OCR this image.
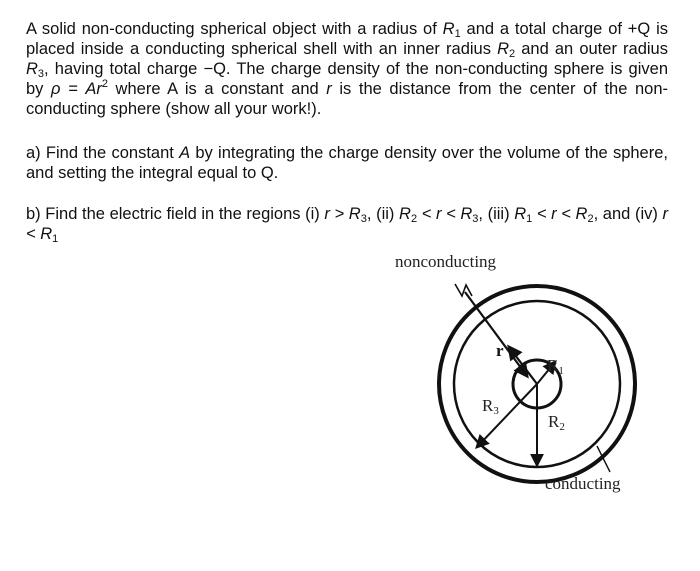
A solid non-conducting spherical object with a radius of $R_1$ and a total charge of +Q is placed inside a conducting spherical shell with an inner radius $R_2$ and an outer radius $R_3$, having total charge −Q. The charge density of the non-conducting sphere is given by $\rho = Ar^2$ where A is a constant and r is the distance from the center of the non-conducting sphere (show all your work!).
a) Find the constant A by integrating the charge density over the volume of the sphere, and setting the integral equal to Q.
b) Find the electric field in the regions (i) $r > R_3$, (ii) $R_2 < r < R_3$, (iii) $R_1 < r < R_2$, and (iv) $r < R_1$
r
nonconducting
conducting
$R_1$
$R_2$
$R_3$
